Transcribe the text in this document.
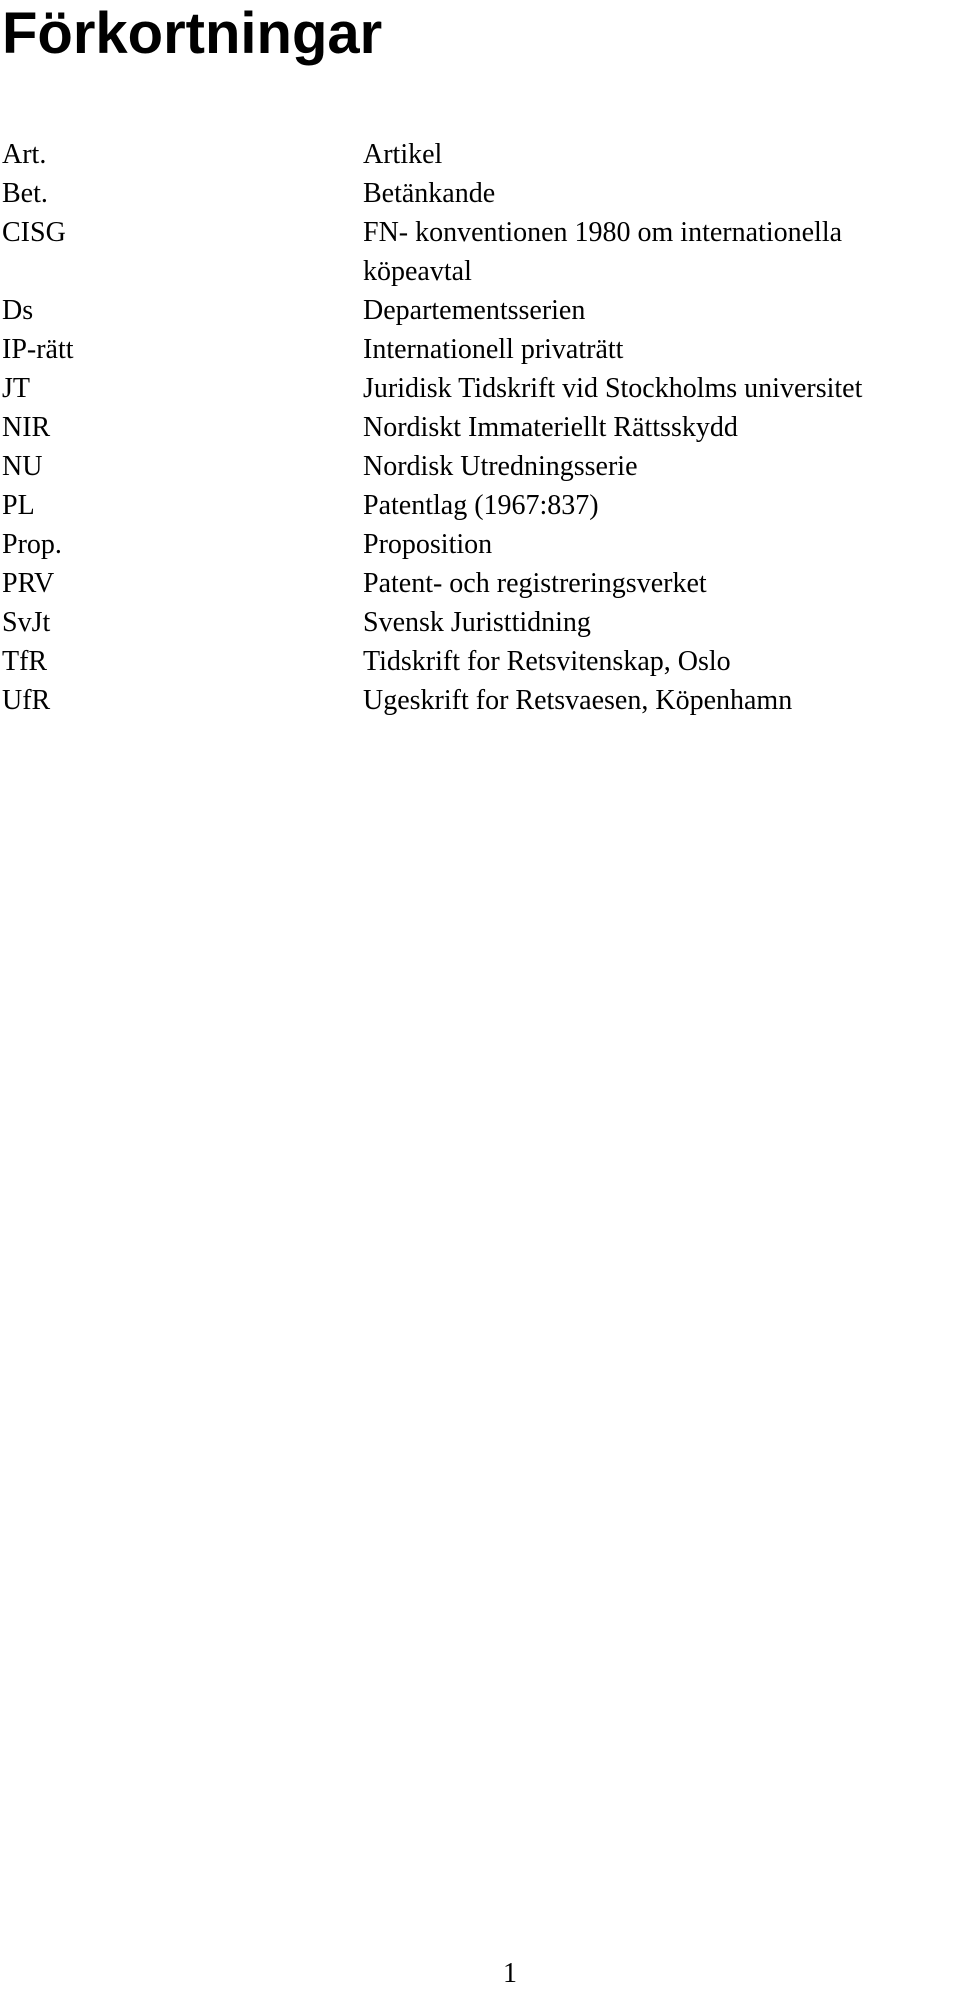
Förkortningar
Art.	Artikel
Bet.	Betänkande
CISG	FN- konventionen 1980 om internationella köpeavtal
Ds	Departementsserien
IP-rätt	Internationell privaträtt
JT	Juridisk Tidskrift vid Stockholms universitet
NIR	Nordiskt Immateriellt Rättsskydd
NU	Nordisk Utredningsserie
PL	Patentlag (1967:837)
Prop.	Proposition
PRV	Patent- och registreringsverket
SvJt	Svensk Juristtidning
TfR	Tidskrift for Retsvitenskap, Oslo
UfR	Ugeskrift for Retsvaesen, Köpenhamn

1
